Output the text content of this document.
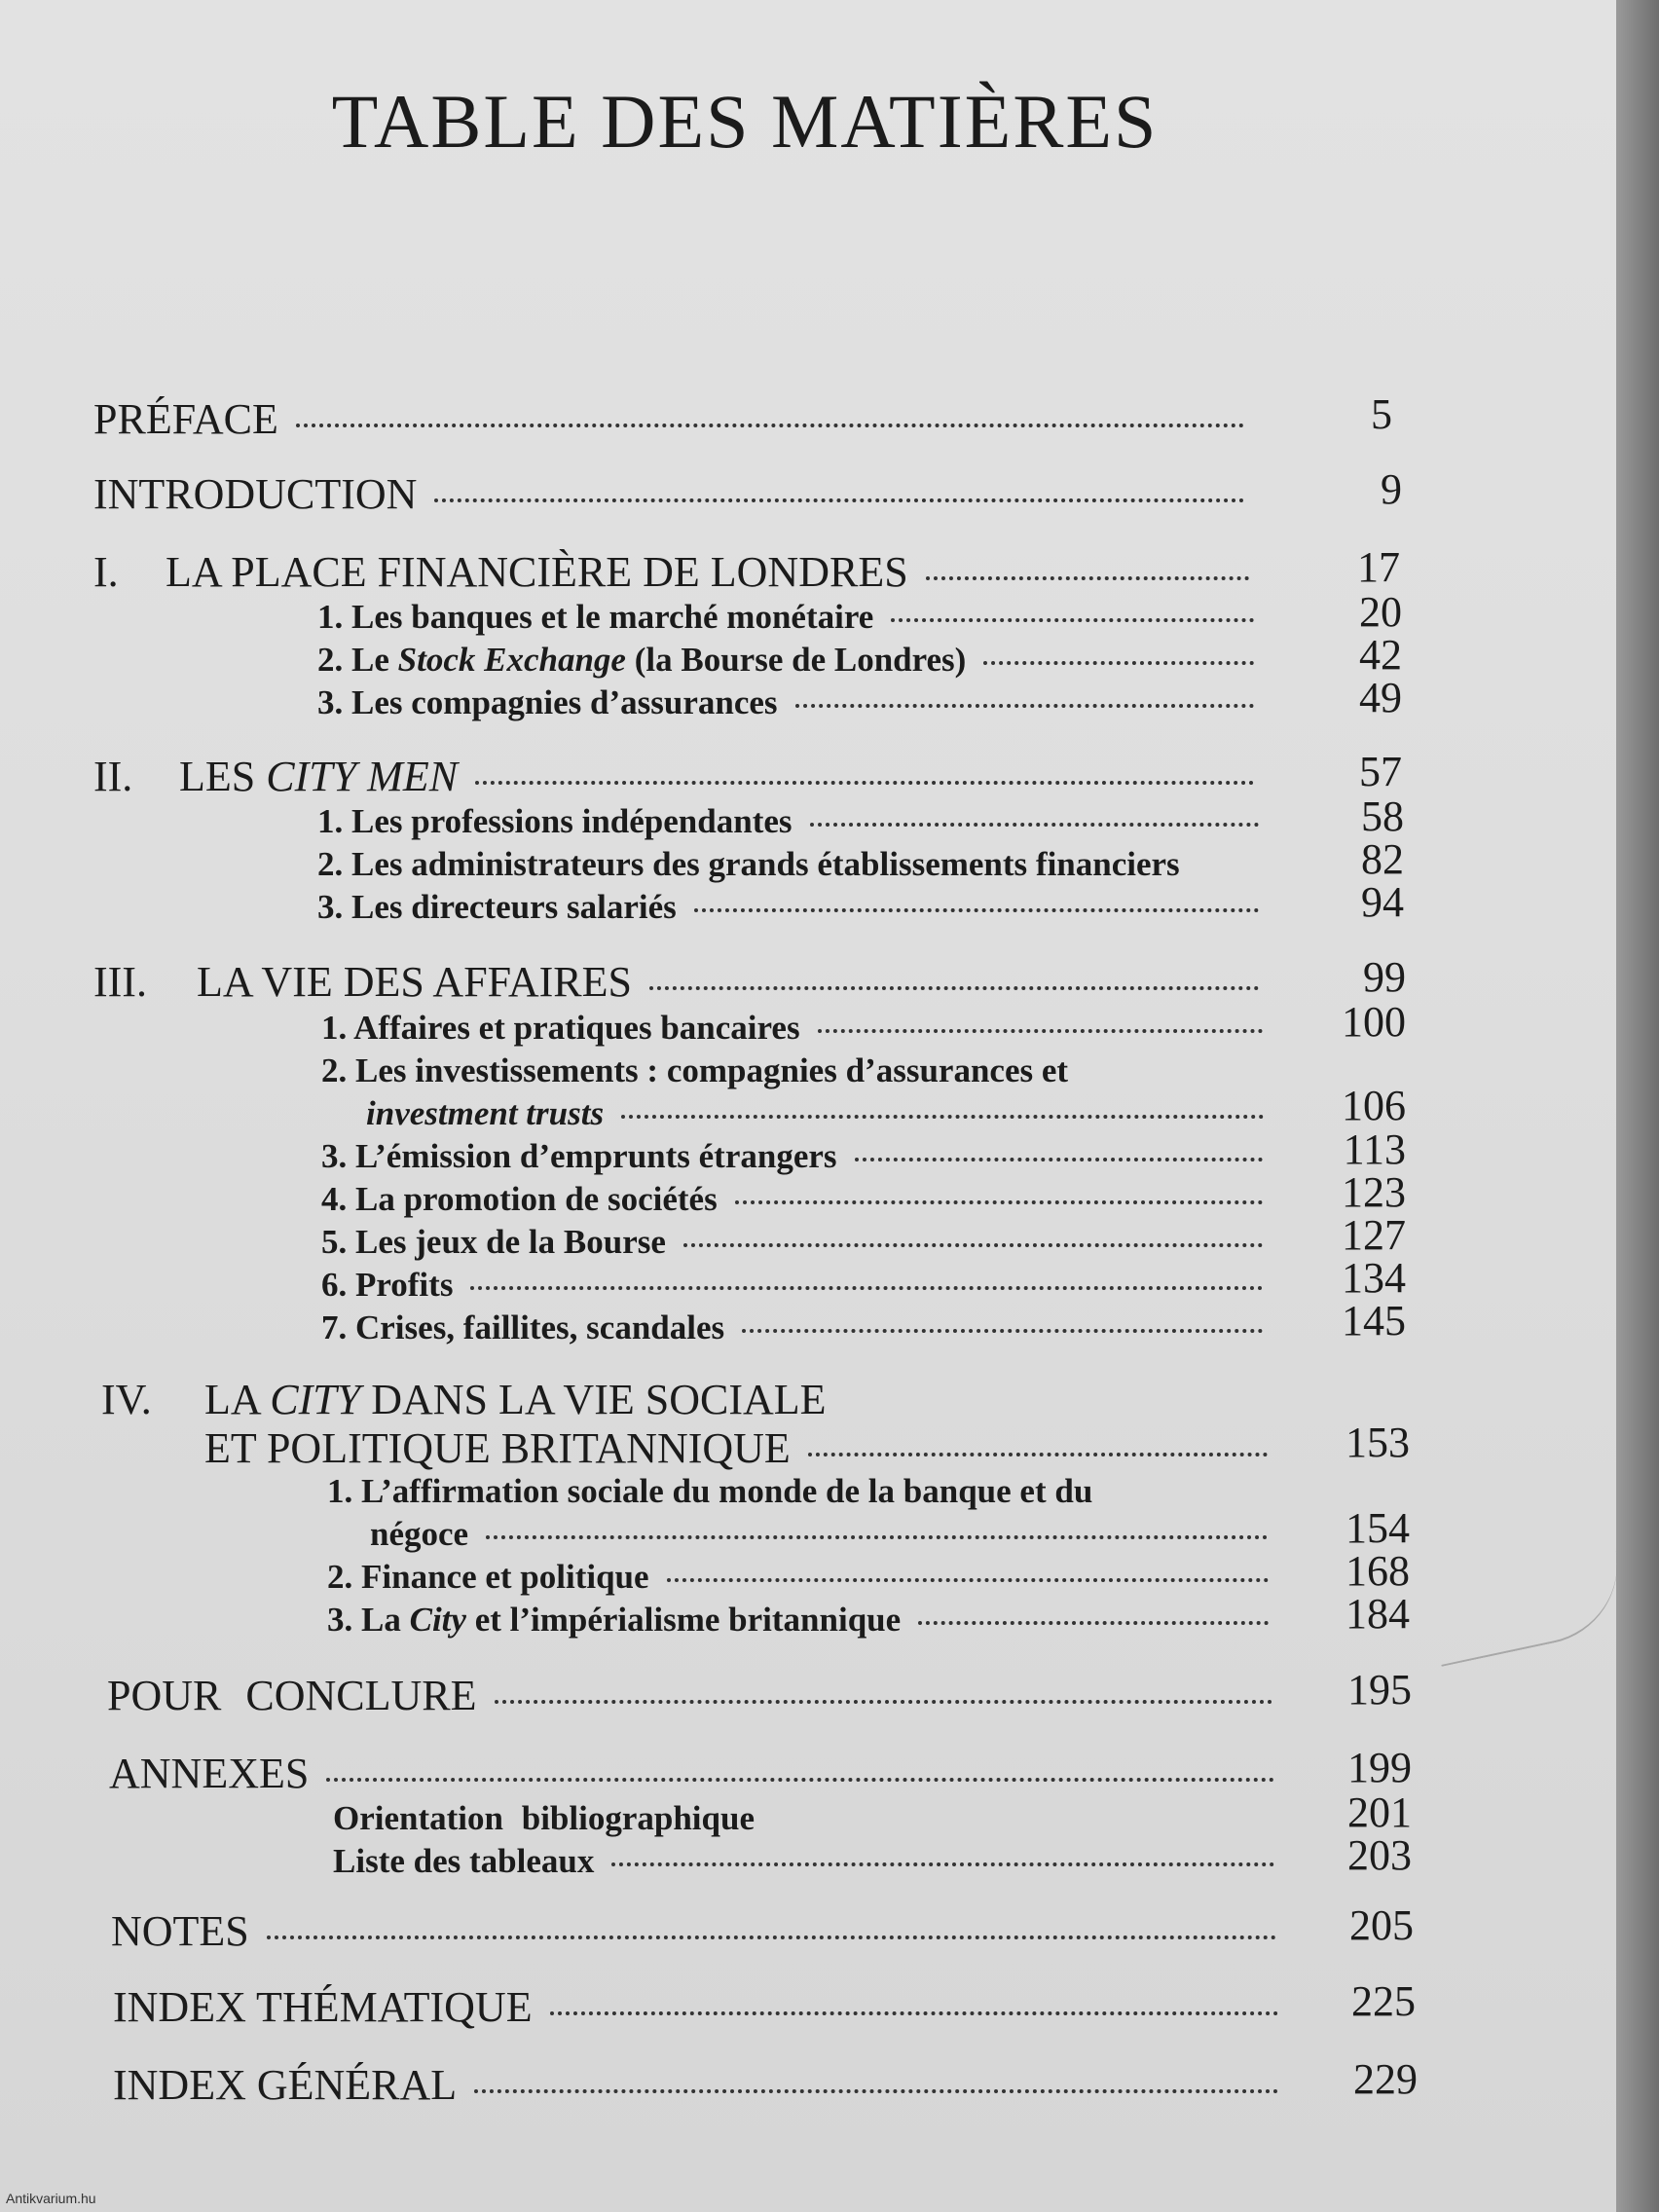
TABLE DES MATIÈRES
PRÉFACE	5
INTRODUCTION	9
I.	LA PLACE FINANCIÈRE DE LONDRES	17
1. Les banques et le marché monétaire	20
2. Le Stock Exchange (la Bourse de Londres)	42
3. Les compagnies d’assurances	49
II.	LES CITY MEN	57
1. Les professions indépendantes	58
2. Les administrateurs des grands établissements financiers	82
3. Les directeurs salariés	94
III.	LA VIE DES AFFAIRES	99
1. Affaires et pratiques bancaires	100
2. Les investissements : compagnies d’assurances et
investment trusts	106
3. L’émission d’emprunts étrangers	113
4. La promotion de sociétés	123
5. Les jeux de la Bourse	127
6. Profits	134
7. Crises, faillites, scandales	145
IV. LA CITY DANS LA VIE SOCIALE
ET POLITIQUE BRITANNIQUE	153
1. L’affirmation sociale du monde de la banque et du
négoce	154
2. Finance et politique	168
3. La City et l’impérialisme britannique	184
POUR CONCLURE	195
ANNEXES	199
Orientation bibliographique	201
Liste des tableaux	203
NOTES	205
INDEX THÉMATIQUE	225
INDEX GÉNÉRAL	229
Antikvarium.hu
